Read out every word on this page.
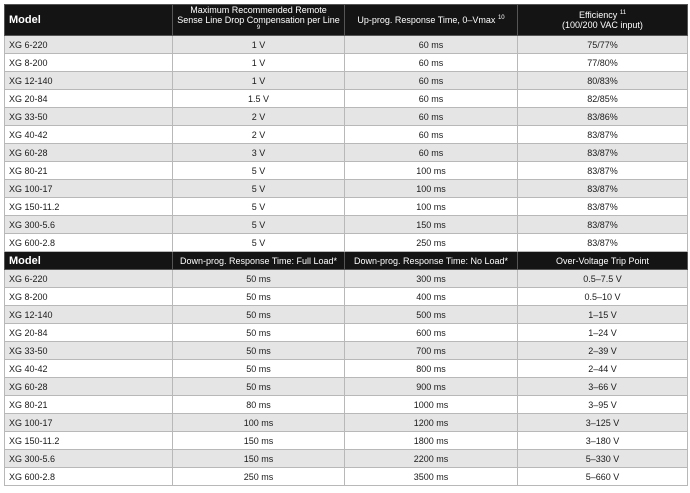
Model	Maximum Recommended Remote Sense Line Drop Compensation per Line $^9$	Up-prog. Response Time, 0–Vmax $^{10}$	Efficiency $^{11}$
(100/200 VAC input)
XG 6-220	1 V	60 ms	75/77%
XG 8-200	1 V	60 ms	77/80%
XG 12-140	1 V	60 ms	80/83%
XG 20-84	1.5 V	60 ms	82/85%
XG 33-50	2 V	60 ms	83/86%
XG 40-42	2 V	60 ms	83/87%
XG 60-28	3 V	60 ms	83/87%
XG 80-21	5 V	100 ms	83/87%
XG 100-17	5 V	100 ms	83/87%
XG 150-11.2	5 V	100 ms	83/87%
XG 300-5.6	5 V	150 ms	83/87%
XG 600-2.8	5 V	250 ms	83/87%
Model	Down-prog. Response Time: Full Load*	Down-prog. Response Time: No Load*	Over-Voltage Trip Point
XG 6-220	50 ms	300 ms	0.5–7.5 V
XG 8-200	50 ms	400 ms	0.5–10 V
XG 12-140	50 ms	500 ms	1–15 V
XG 20-84	50 ms	600 ms	1–24 V
XG 33-50	50 ms	700 ms	2–39 V
XG 40-42	50 ms	800 ms	2–44 V
XG 60-28	50 ms	900 ms	3–66 V
XG 80-21	80 ms	1000 ms	3–95 V
XG 100-17	100 ms	1200 ms	3–125 V
XG 150-11.2	150 ms	1800 ms	3–180 V
XG 300-5.6	150 ms	2200 ms	5–330 V
XG 600-2.8	250 ms	3500 ms	5–660 V
